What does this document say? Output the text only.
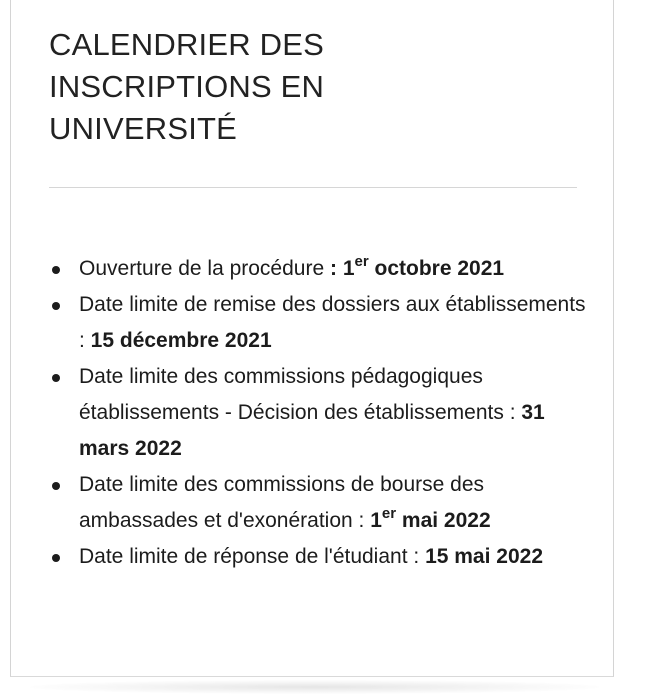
CALENDRIER DES INSCRIPTIONS EN UNIVERSITÉ
Ouverture de la procédure : 1er octobre 2021
Date limite de remise des dossiers aux établissements : 15 décembre 2021
Date limite des commissions pédagogiques établissements - Décision des établissements : 31 mars 2022
Date limite des commissions de bourse des ambassades et d'exonération : 1er mai 2022
Date limite de réponse de l'étudiant : 15 mai 2022
